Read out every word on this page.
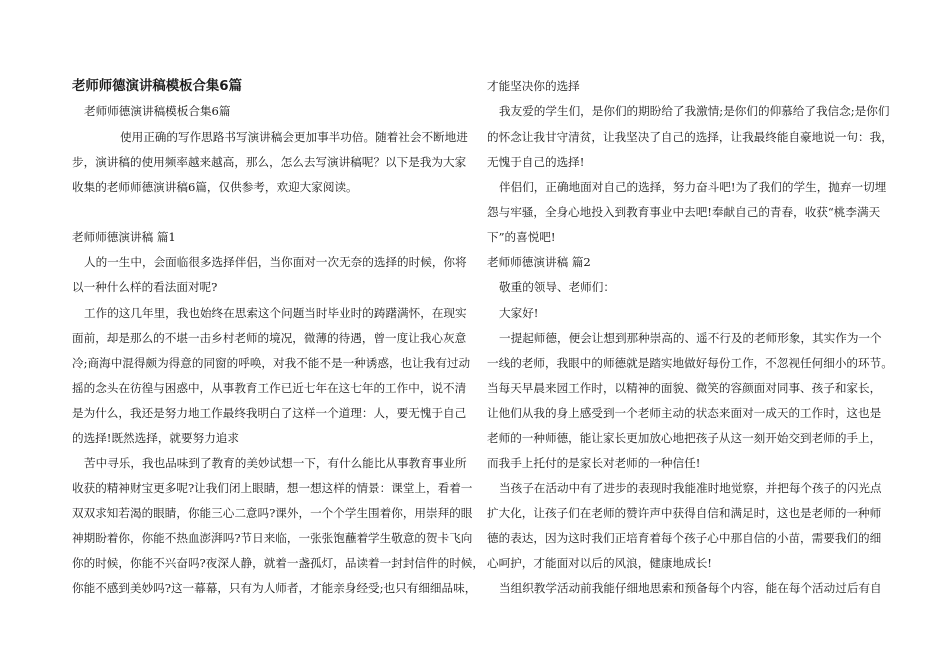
老师师德演讲稿模板合集6篇
老师师德演讲稿模板合集6篇
使用正确的写作思路书写演讲稿会更加事半功倍。随着社会不断地进
步，演讲稿的使用频率越来越高，那么，怎么去写演讲稿呢？以下是我为大家
收集的老师师德演讲稿6篇，仅供参考，欢迎大家阅读。
老师师德演讲稿 篇1
人的一生中，会面临很多选择伴侣，当你面对一次无奈的选择的时候，你将
以一种什么样的看法面对呢?
工作的这几年里，我也始终在思索这个问题当时毕业时的踌躇满怀，在现实
面前，却是那么的不堪一击乡村老师的境况，微薄的待遇，曾一度让我心灰意
冷;商海中混得颇为得意的同窗的呼唤，对我不能不是一种诱惑，也让我有过动
摇的念头在彷徨与困惑中，从事教育工作已近七年在这七年的工作中，说不清
是为什么，我还是努力地工作最终我明白了这样一个道理：人，要无愧于自己
的选择!既然选择，就要努力追求
苦中寻乐，我也品味到了教育的美妙试想一下，有什么能比从事教育事业所
收获的精神财宝更多呢?让我们闭上眼睛，想一想这样的情景：课堂上，看着一
双双求知若渴的眼睛，你能三心二意吗?课外，一个个学生围着你，用崇拜的眼
神期盼着你，你能不热血澎湃吗?节日来临，一张张饱蘸着学生敬意的贺卡飞向
你的时候，你能不兴奋吗?夜深人静，就着一盏孤灯，品读着一封封信件的时候，
你能不感到美妙吗?这一幕幕，只有为人师者，才能亲身经受;也只有细细品味，
才能坚决你的选择
我友爱的学生们，是你们的期盼给了我激情;是你们的仰慕给了我信念;是你们
的怀念让我甘守清贫，让我坚决了自己的选择，让我最终能自豪地说一句：我，
无愧于自己的选择!
伴侣们，正确地面对自己的选择，努力奋斗吧!为了我们的学生，抛弃一切埋
怨与牢骚，全身心地投入到教育事业中去吧!奉献自己的青春，收获“桃李满天
下”的喜悦吧!
老师师德演讲稿 篇2
敬重的领导、老师们：
大家好!
一提起师德，便会让想到那种崇高的、遥不行及的老师形象，其实作为一个
一线的老师，我眼中的师德就是踏实地做好每份工作，不忽视任何细小的环节。
当每天早晨来园工作时，以精神的面貌、微笑的容颜面对同事、孩子和家长，
让他们从我的身上感受到一个老师主动的状态来面对一成天的工作时，这也是
老师的一种师德，能让家长更加放心地把孩子从这一刻开始交到老师的手上，
而我手上托付的是家长对老师的一种信任!
当孩子在活动中有了进步的表现时我能准时地觉察，并把每个孩子的闪光点
扩大化，让孩子们在老师的赞许声中获得自信和满足时，这也是老师的一种师
德的表达，因为这时我们正培育着每个孩子心中那自信的小苗，需要我们的细
心呵护，才能面对以后的风浪，健康地成长!
当组织教学活动前我能仔细地思索和预备每个内容，能在每个活动过后有自
